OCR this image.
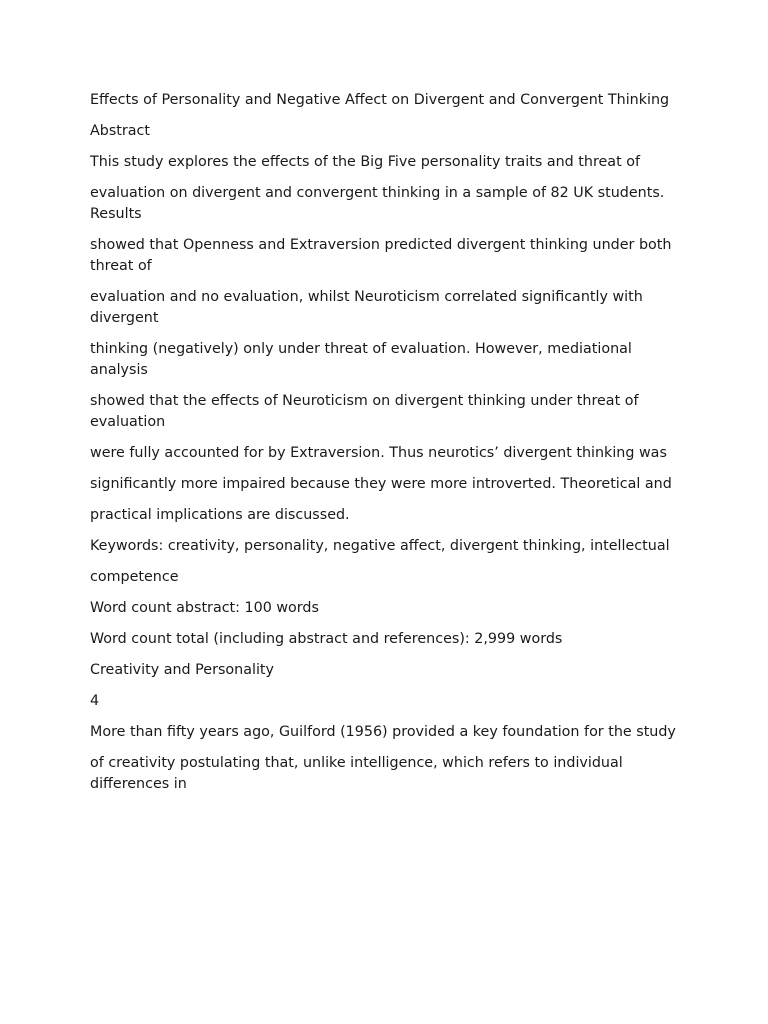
Effects of Personality and Negative Affect on Divergent and Convergent Thinking

Abstract

This study explores the effects of the Big Five personality traits and threat of

evaluation on divergent and convergent thinking in a sample of 82 UK students. Results

showed that Openness and Extraversion predicted divergent thinking under both threat of

evaluation and no evaluation, whilst Neuroticism correlated significantly with divergent

thinking (negatively) only under threat of evaluation. However, mediational analysis

showed that the effects of Neuroticism on divergent thinking under threat of evaluation

were fully accounted for by Extraversion. Thus neurotics’ divergent thinking was

significantly more impaired because they were more introverted. Theoretical and

practical implications are discussed.

Keywords: creativity, personality, negative affect, divergent thinking, intellectual

competence

Word count abstract: 100 words

Word count total (including abstract and references): 2,999 words

Creativity and Personality

4

More than fifty years ago, Guilford (1956) provided a key foundation for the study

of creativity postulating that, unlike intelligence, which refers to individual differences in
